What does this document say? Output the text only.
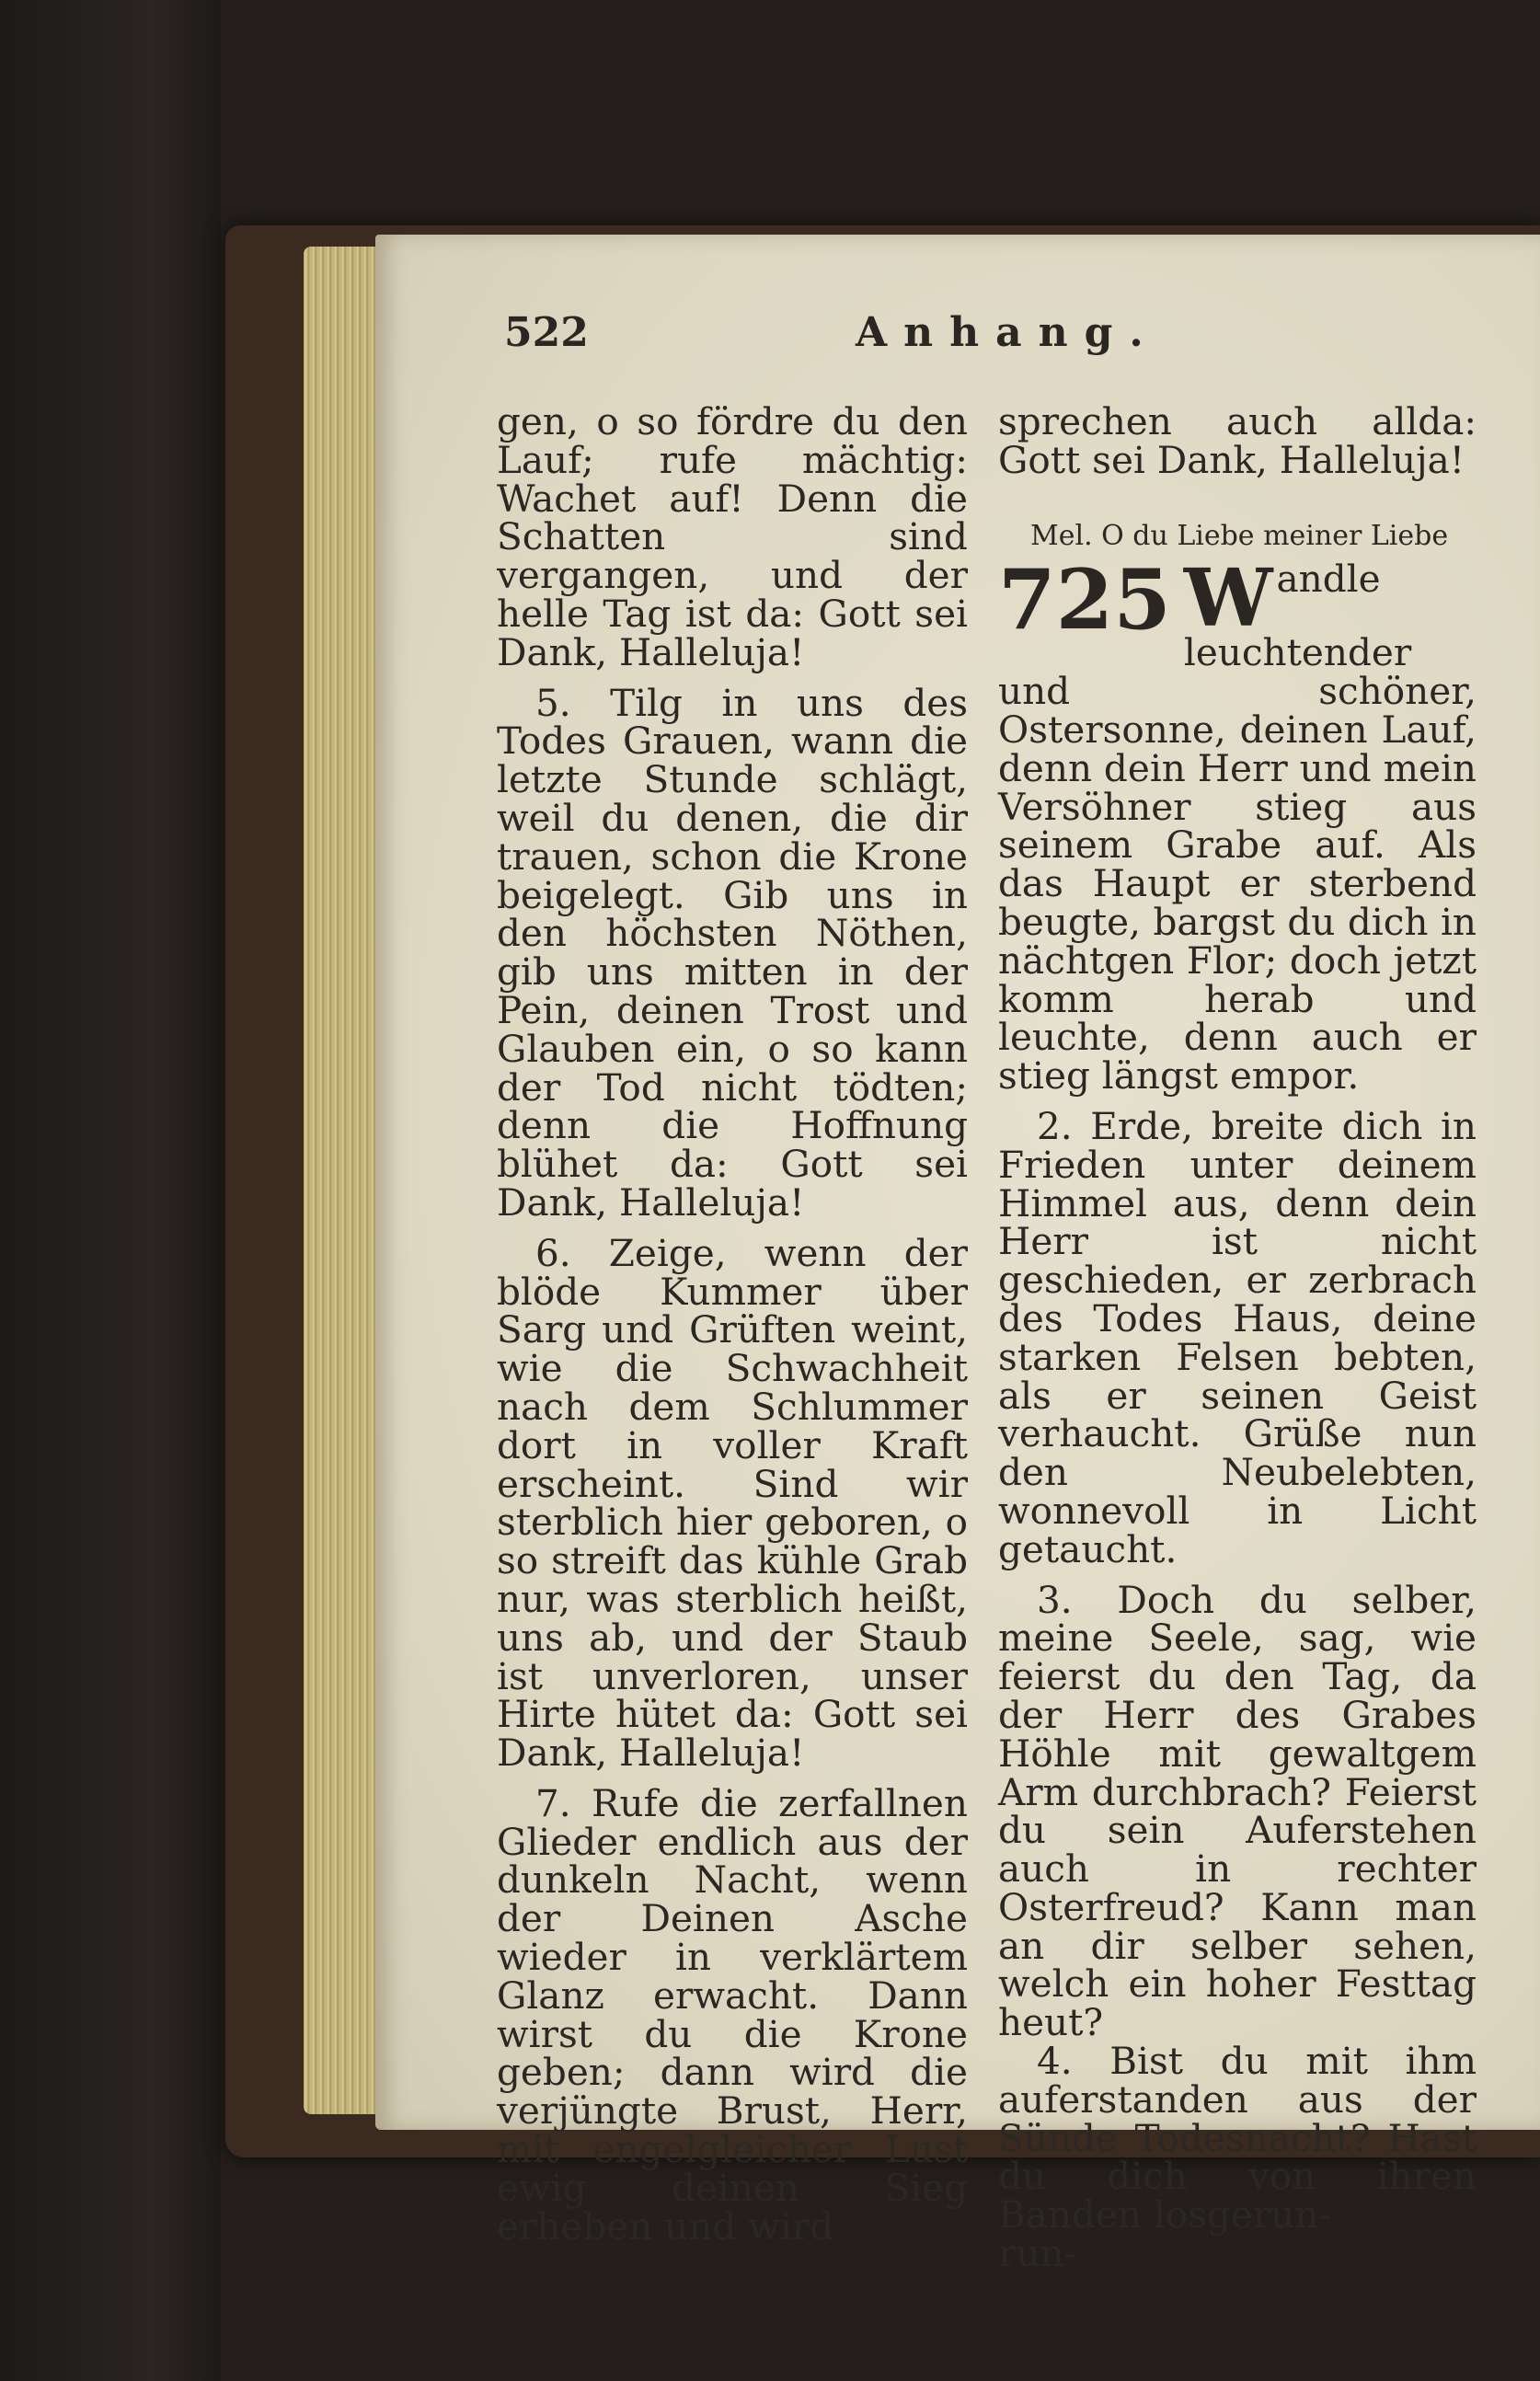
522	Anhang.

gen, o so fördre du den Lauf; rufe mächtig: Wachet auf! Denn die Schatten sind vergangen, und der helle Tag ist da: Gott sei Dank, Halleluja!

5. Tilg in uns des Todes Grauen, wann die letzte Stunde schlägt, weil du denen, die dir trauen, schon die Krone beigelegt. Gib uns in den höchsten Nöthen, gib uns mitten in der Pein, deinen Trost und Glauben ein, o so kann der Tod nicht tödten; denn die Hoffnung blühet da: Gott sei Dank, Halleluja!

6. Zeige, wenn der blöde Kummer über Sarg und Grüften weint, wie die Schwachheit nach dem Schlummer dort in voller Kraft erscheint. Sind wir sterblich hier geboren, o so streift das kühle Grab nur, was sterblich heißt, uns ab, und der Staub ist unverloren, unser Hirte hütet da: Gott sei Dank, Halleluja!

7. Rufe die zerfallnen Glieder endlich aus der dunkeln Nacht, wenn der Deinen Asche wieder in verklärtem Glanz erwacht. Dann wirst du die Krone geben; dann wird die verjüngte Brust, Herr, mit engelgleicher Lust ewig deinen Sieg erheben und wird

sprechen auch allda: Gott sei Dank, Halleluja!

Mel. O du Liebe meiner Liebe
725 W andle leuchtender und schöner, Ostersonne, deinen Lauf, denn dein Herr und mein Versöhner stieg aus seinem Grabe auf. Als das Haupt er sterbend beugte, bargst du dich in nächtgen Flor; doch jetzt komm herab und leuchte, denn auch er stieg längst empor.

2. Erde, breite dich in Frieden unter deinem Himmel aus, denn dein Herr ist nicht geschieden, er zerbrach des Todes Haus, deine starken Felsen bebten, als er seinen Geist verhaucht. Grüße nun den Neubelebten, wonnevoll in Licht getaucht.

3. Doch du selber, meine Seele, sag, wie feierst du den Tag, da der Herr des Grabes Höhle mit gewaltgem Arm durchbrach? Feierst du sein Auferstehen auch in rechter Osterfreud? Kann man an dir selber sehen, welch ein hoher Festtag heut?

4. Bist du mit ihm auferstanden aus der Sünde Todesnacht? Hast du dich von ihren Banden losgerun-

run-
